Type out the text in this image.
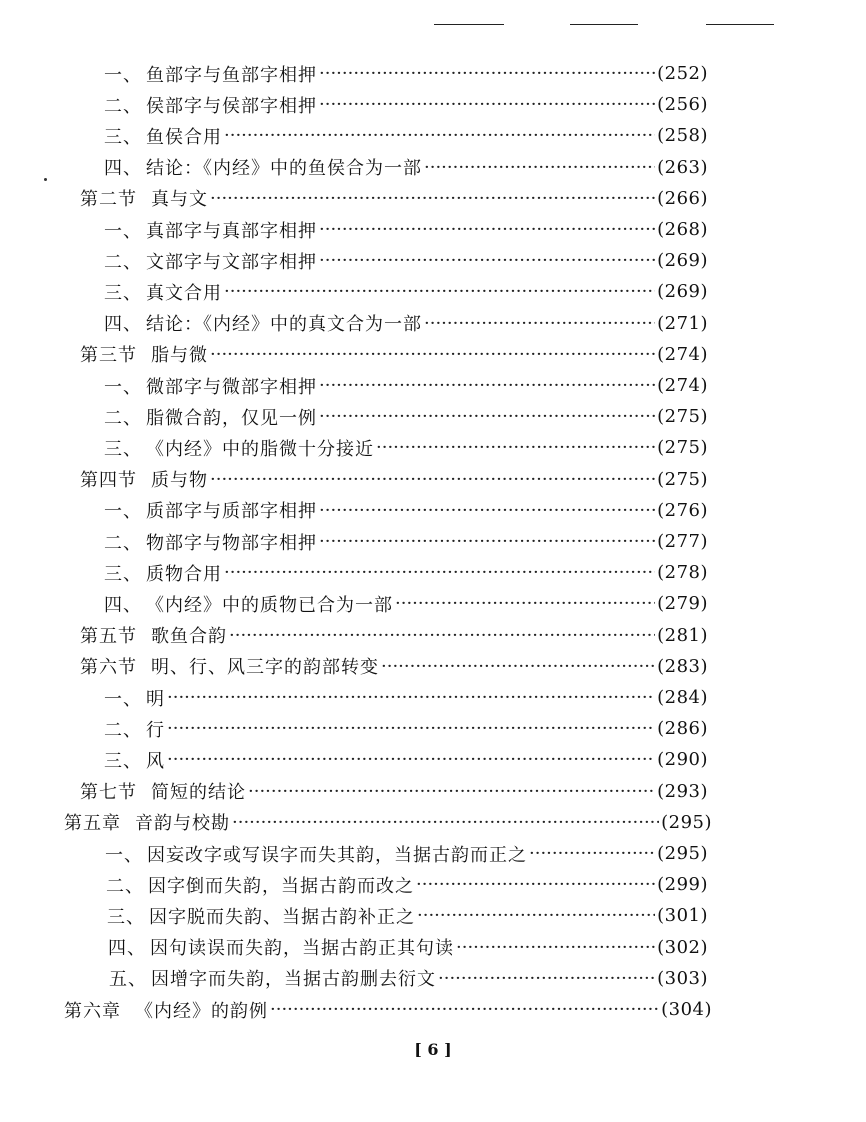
一、 鱼部字与鱼部字相押 ·····	(252)
二、 侯部字与侯部字相押 ·····	(256)
三、 鱼侯合用 ·····	(258)
四、 结论：《内经》中的鱼侯合为一部 ·····	(263)
第二节 真与文 ·····	(266)
一、 真部字与真部字相押 ·····	(268)
二、 文部字与文部字相押 ·····	(269)
三、 真文合用 ·····	(269)
四、 结论：《内经》中的真文合为一部 ·····	(271)
第三节 脂与微 ·····	(274)
一、 微部字与微部字相押 ·····	(274)
二、 脂微合韵，仅见一例 ·····	(275)
三、 《内经》中的脂微十分接近 ·····	(275)
第四节 质与物 ·····	(275)
一、 质部字与质部字相押 ·····	(276)
二、 物部字与物部字相押 ·····	(277)
三、 质物合用 ·····	(278)
四、 《内经》中的质物已合为一部 ·····	(279)
第五节 歌鱼合韵 ·····	(281)
第六节 明、行、风三字的韵部转变 ·····	(283)
一、 明 ·····	(284)
二、 行 ·····	(286)
三、 风 ·····	(290)
第七节 简短的结论 ·····	(293)
第五章 音韵与校勘 ·····	(295)
一、 因妄改字或写误字而失其韵，当据古韵而正之 ·····	(295)
二、 因字倒而失韵，当据古韵而改之 ·····	(299)
三、 因字脱而失韵、当据古韵补正之 ·····	(301)
四、 因句读误而失韵，当据古韵正其句读 ·····	(302)
五、 因增字而失韵，当据古韵删去衍文 ·····	(303)
第六章 《内经》的韵例 ·····	(304)
[ 6 ]
